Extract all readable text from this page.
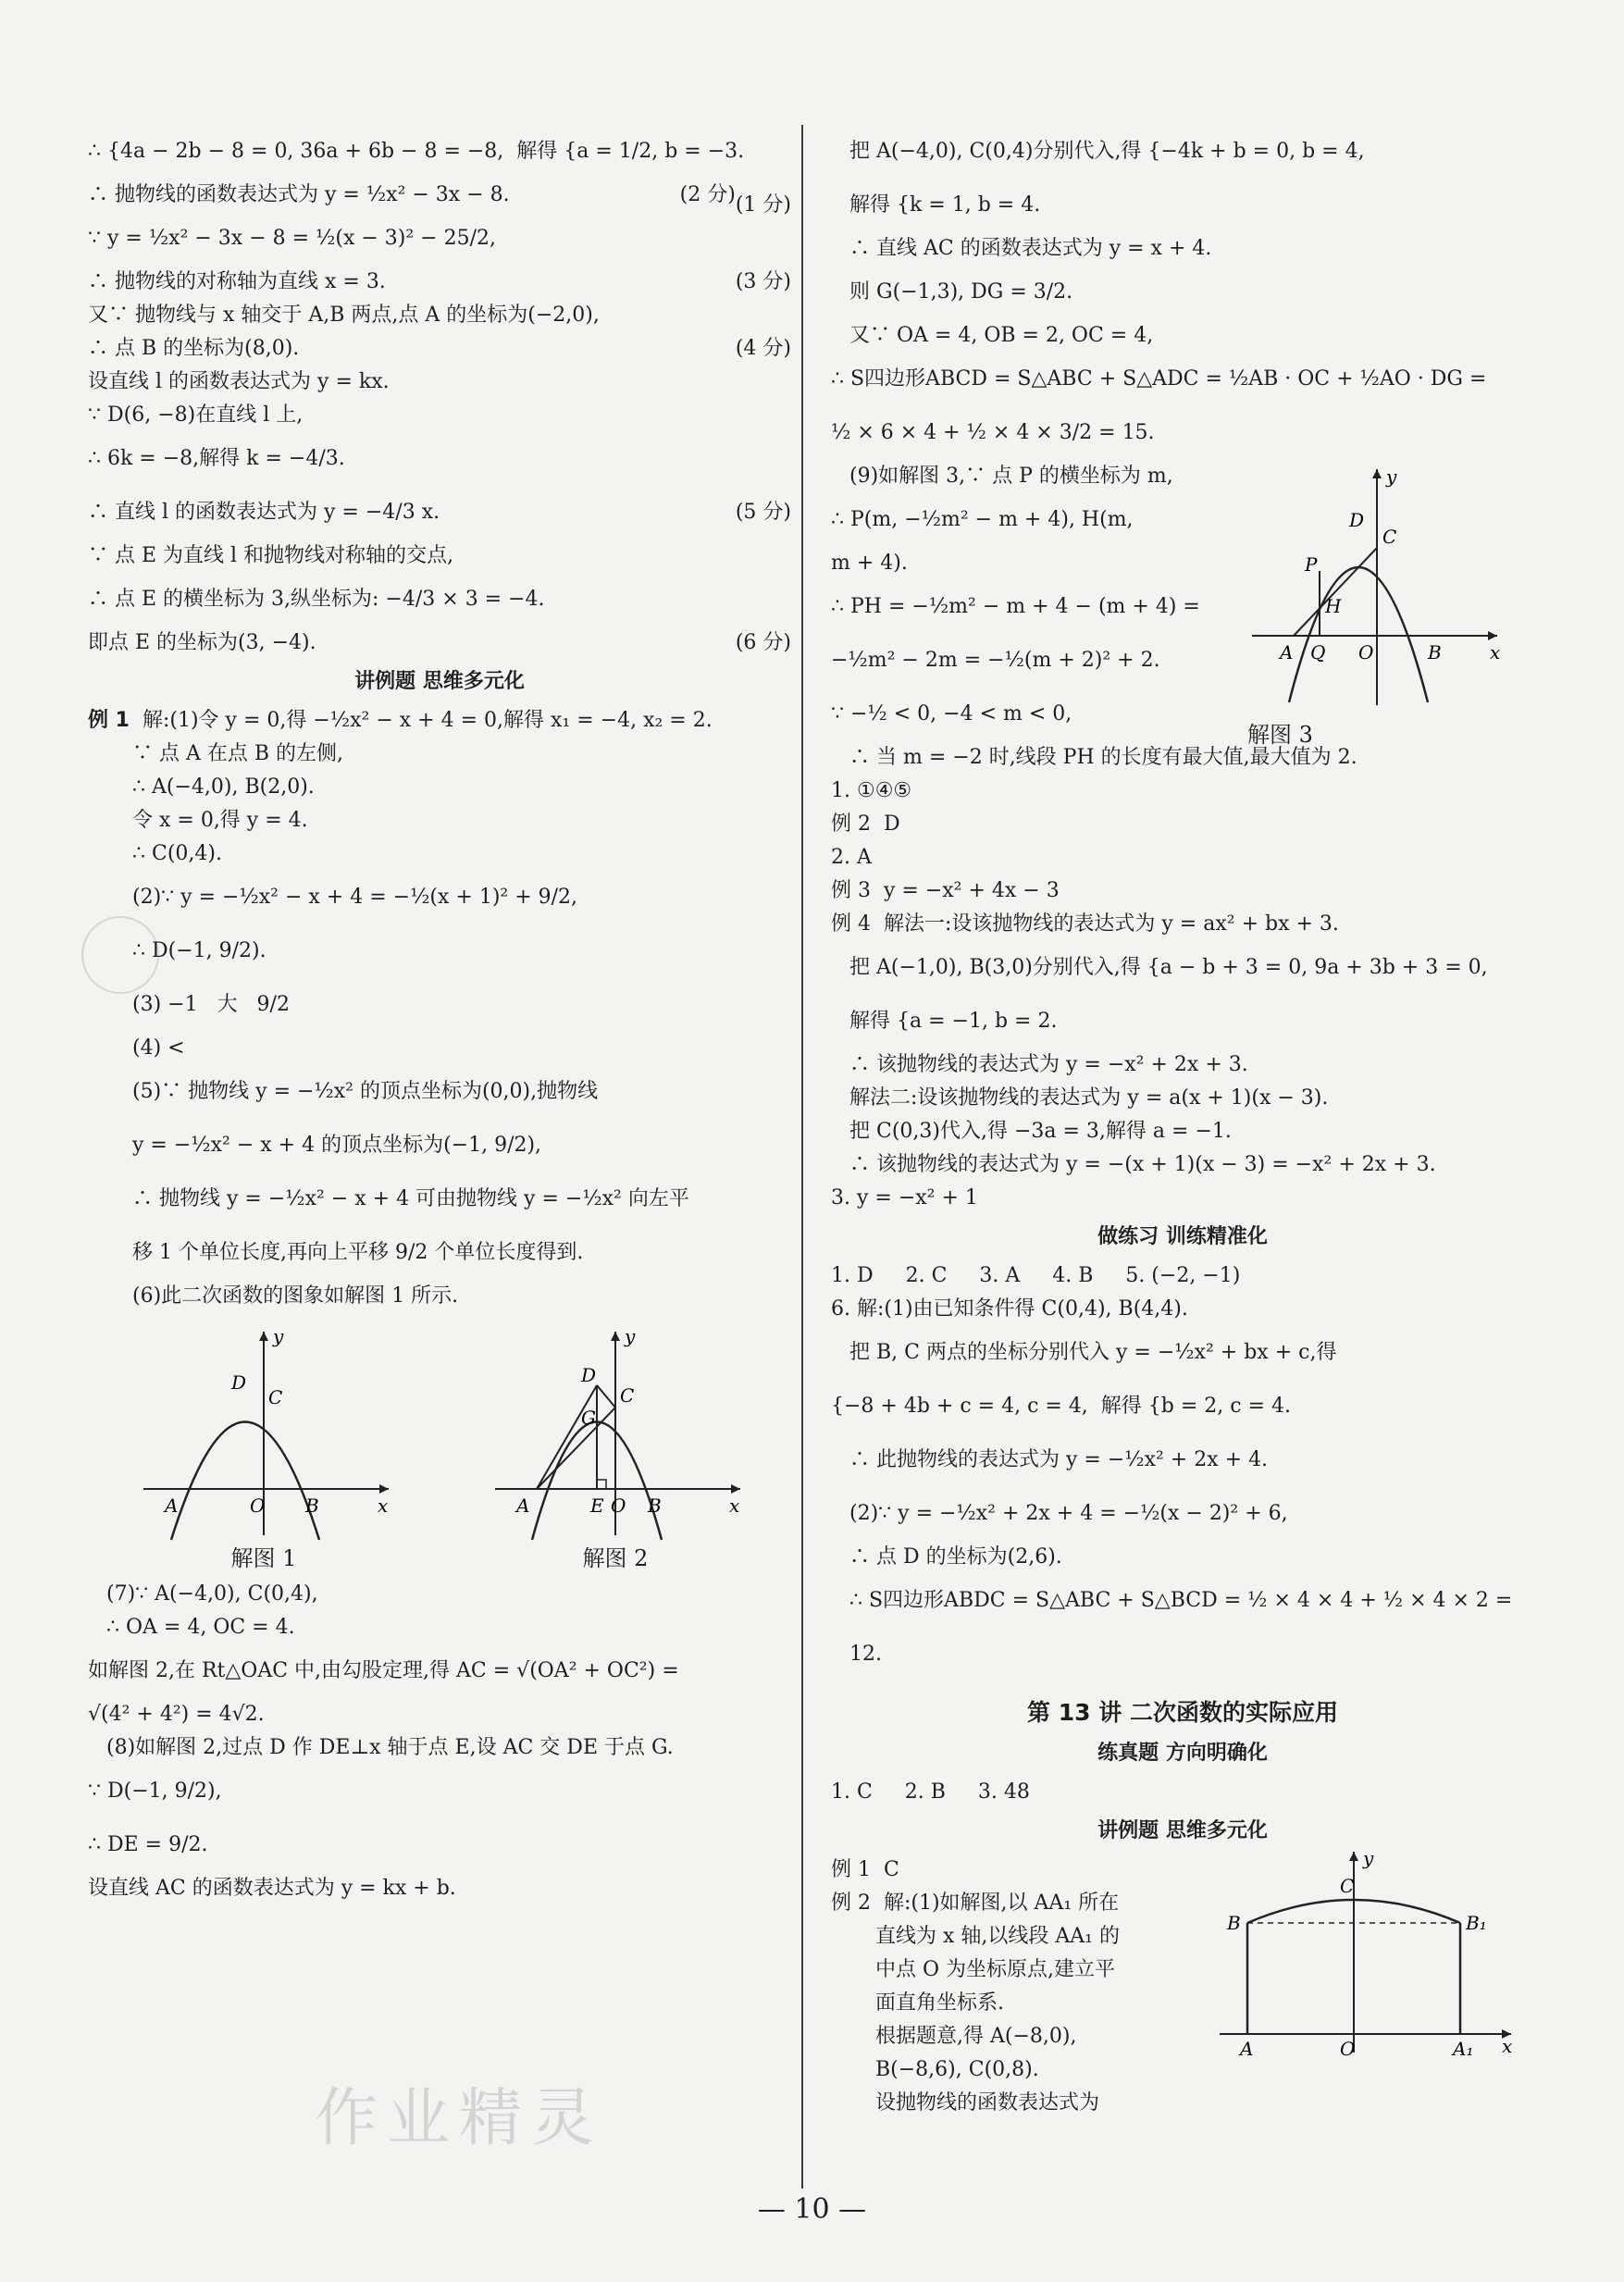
∴ {4a − 2b − 8 = 0, 36a + 6b − 8 = −8,  解得 {a = 1/2, b = −3.
(1 分)

∴ 抛物线的函数表达式为 y = ½x² − 3x − 8.	(2 分)

∵ y = ½x² − 3x − 8 = ½(x − 3)² − 25/2,

∴ 抛物线的对称轴为直线 x = 3.	(3 分)

又∵ 抛物线与 x 轴交于 A,B 两点,点 A 的坐标为(−2,0),

∴ 点 B 的坐标为(8,0).	(4 分)

设直线 l 的函数表达式为 y = kx.

∵ D(6, −8)在直线 l 上,

∴ 6k = −8,解得 k = −4/3.

∴ 直线 l 的函数表达式为 y = −4/3 x.	(5 分)

∵ 点 E 为直线 l 和抛物线对称轴的交点,

∴ 点 E 的横坐标为 3,纵坐标为: −4/3 × 3 = −4.

即点 E 的坐标为(3, −4).	(6 分)

讲例题 思维多元化

例 1 解:(1)令 y = 0,得 −½x² − x + 4 = 0,解得 x₁ = −4, x₂ = 2.

∵ 点 A 在点 B 的左侧,

∴ A(−4,0), B(2,0).

令 x = 0,得 y = 4.

∴ C(0,4).

(2)∵ y = −½x² − x + 4 = −½(x + 1)² + 9/2,

∴ D(−1, 9/2).

(3) −1   大   9/2

(4) <

(5)∵ 抛物线 y = −½x² 的顶点坐标为(0,0),抛物线

y = −½x² − x + 4 的顶点坐标为(−1, 9/2),

∴ 抛物线 y = −½x² − x + 4 可由抛物线 y = −½x² 向左平

移 1 个单位长度,再向上平移 9/2 个单位长度得到.

(6)此二次函数的图象如解图 1 所示.

x
y
A	O B
D
C
解图 1
x
y
A	E O B
D
C
G
解图 2

(7)∵ A(−4,0), C(0,4),

∴ OA = 4, OC = 4.

如解图 2,在 Rt△OAC 中,由勾股定理,得 AC = √(OA² + OC²) =

√(4² + 4²) = 4√2.

(8)如解图 2,过点 D 作 DE⊥x 轴于点 E,设 AC 交 DE 于点 G.

∵ D(−1, 9/2),

∴ DE = 9/2.

设直线 AC 的函数表达式为 y = kx + b.

把 A(−4,0), C(0,4)分别代入,得 {−4k + b = 0, b = 4,

解得 {k = 1, b = 4.

∴ 直线 AC 的函数表达式为 y = x + 4.

则 G(−1,3), DG = 3/2.

又∵ OA = 4, OB = 2, OC = 4,

∴ S四边形ABCD = S△ABC + S△ADC = ½AB · OC + ½AO · DG =

½ × 6 × 4 + ½ × 4 × 3/2 = 15.

x
y
A Q O	B
D
C
P
H
解图 3

(9)如解图 3,∵ 点 P 的横坐标为 m,

∴ P(m, −½m² − m + 4), H(m,

m + 4).

∴ PH = −½m² − m + 4 − (m + 4) =

−½m² − 2m = −½(m + 2)² + 2.

∵ −½ < 0, −4 < m < 0,

∴ 当 m = −2 时,线段 PH 的长度有最大值,最大值为 2.

1. ①④⑤

例 2  D

2. A

例 3  y = −x² + 4x − 3

例 4  解法一:设该抛物线的表达式为 y = ax² + bx + 3.

把 A(−1,0), B(3,0)分别代入,得 {a − b + 3 = 0, 9a + 3b + 3 = 0,

解得 {a = −1, b = 2.

∴ 该抛物线的表达式为 y = −x² + 2x + 3.

解法二:设该抛物线的表达式为 y = a(x + 1)(x − 3).

把 C(0,3)代入,得 −3a = 3,解得 a = −1.

∴ 该抛物线的表达式为 y = −(x + 1)(x − 3) = −x² + 2x + 3.

3. y = −x² + 1

做练习 训练精准化

1. D     2. C     3. A     4. B     5. (−2, −1)

6. 解:(1)由已知条件得 C(0,4), B(4,4).

把 B, C 两点的坐标分别代入 y = −½x² + bx + c,得

{−8 + 4b + c = 4, c = 4,  解得 {b = 2, c = 4.

∴ 此抛物线的表达式为 y = −½x² + 2x + 4.

(2)∵ y = −½x² + 2x + 4 = −½(x − 2)² + 6,

∴ 点 D 的坐标为(2,6).

∴ S四边形ABDC = S△ABC + S△BCD = ½ × 4 × 4 + ½ × 4 × 2 = 12.

第 13 讲 二次函数的实际应用
练真题 方向明确化

1. C     2. B     3. 48

讲例题 思维多元化
x
y
A	O	A₁
B	B₁
C

例 1  C

例 2  解:(1)如解图,以 AA₁ 所在

直线为 x 轴,以线段 AA₁ 的

中点 O 为坐标原点,建立平

面直角坐标系.

根据题意,得 A(−8,0),

B(−8,6), C(0,8).

设抛物线的函数表达式为

作业精灵
— 10 —
